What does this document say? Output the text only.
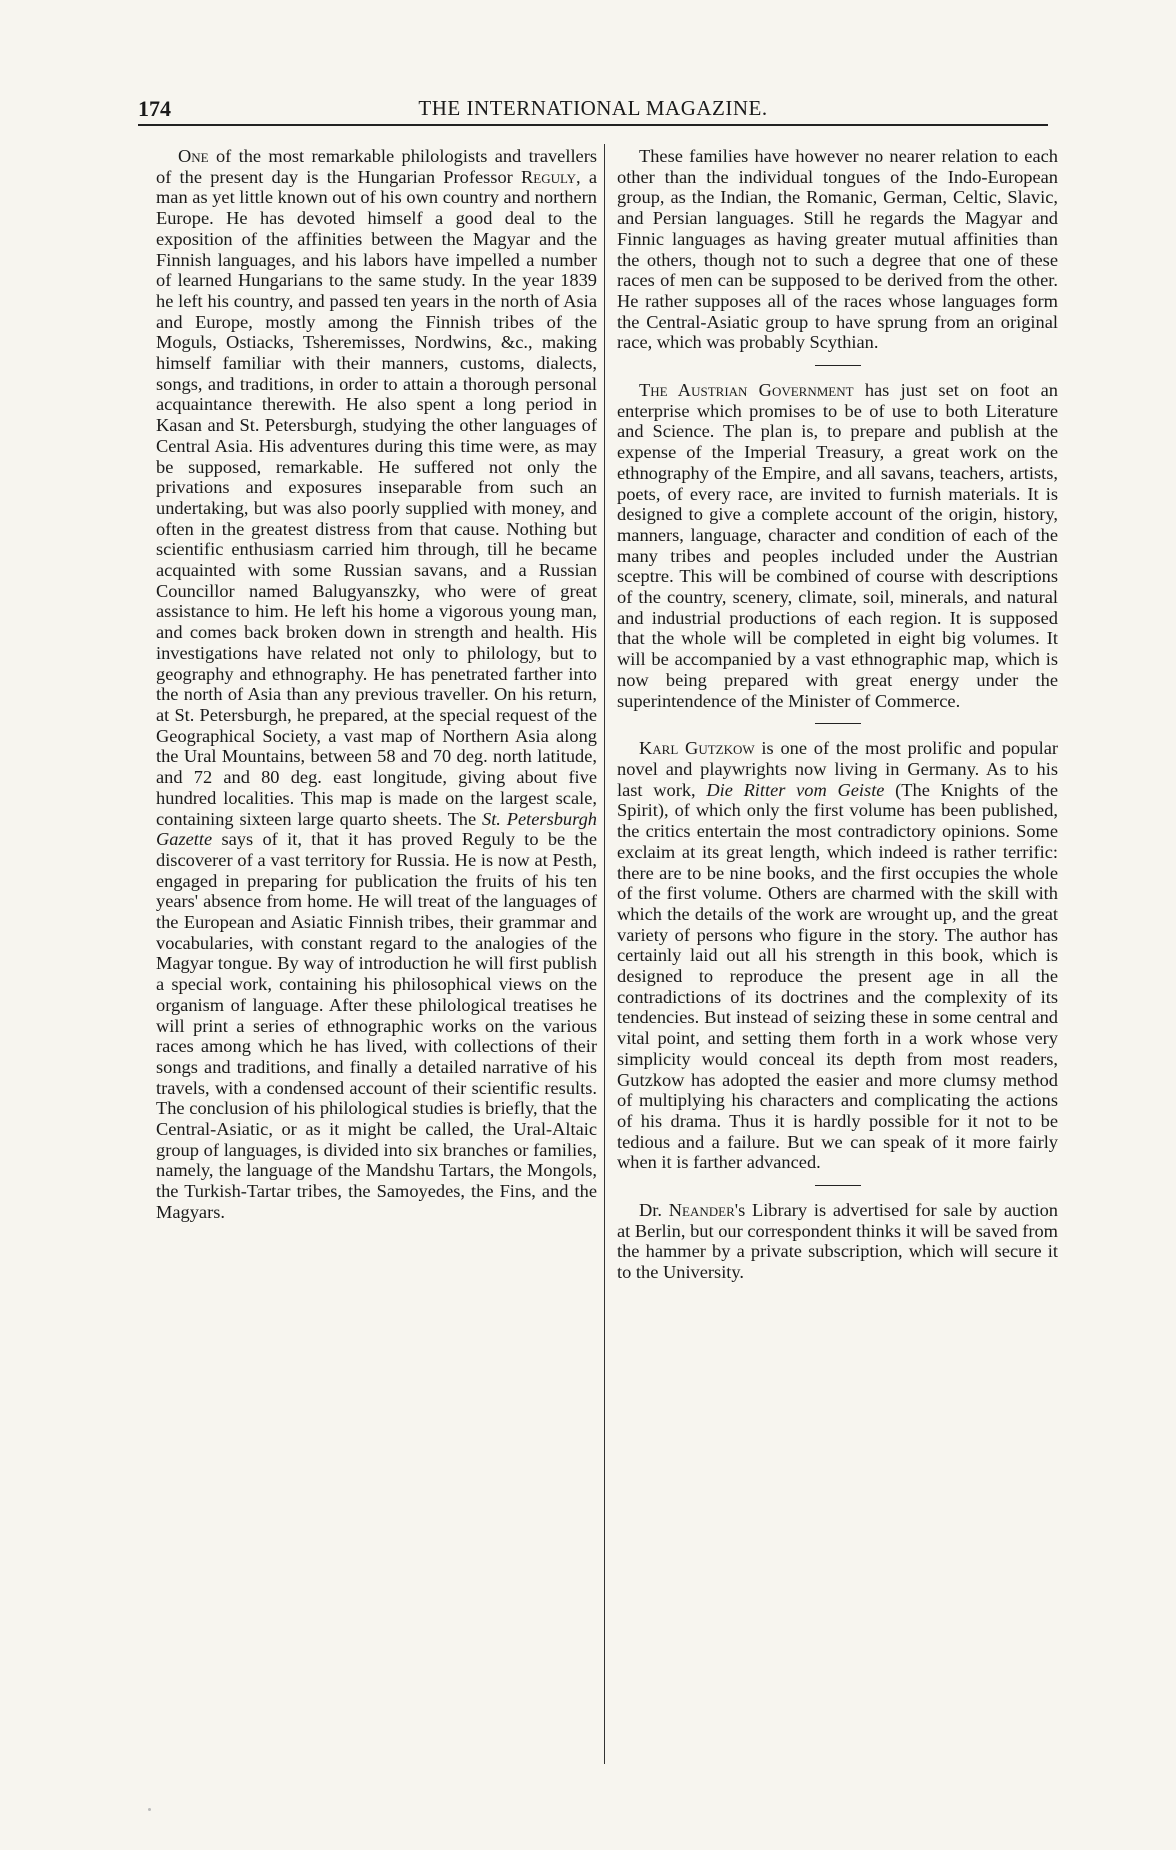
THE INTERNATIONAL MAGAZINE.
174

One of the most remarkable philologists and travellers of the present day is the Hungarian Professor Reguly, a man as yet little known out of his own country and northern Europe. He has devoted himself a good deal to the exposition of the affinities between the Magyar and the Finnish languages, and his labors have impelled a number of learned Hungarians to the same study. In the year 1839 he left his country, and passed ten years in the north of Asia and Europe, mostly among the Finnish tribes of the Moguls, Ostiacks, Tsheremisses, Nordwins, &c., making himself familiar with their manners, customs, dialects, songs, and traditions, in order to attain a thorough personal acquaintance therewith. He also spent a long period in Kasan and St. Petersburgh, studying the other languages of Central Asia. His adventures during this time were, as may be supposed, remarkable. He suffered not only the privations and exposures inseparable from such an undertaking, but was also poorly supplied with money, and often in the greatest distress from that cause. Nothing but scientific enthusiasm carried him through, till he became acquainted with some Russian savans, and a Russian Councillor named Balugyanszky, who were of great assistance to him. He left his home a vigorous young man, and comes back broken down in strength and health. His investigations have related not only to philology, but to geography and ethnography. He has penetrated farther into the north of Asia than any previous traveller. On his return, at St. Petersburgh, he prepared, at the special request of the Geographical Society, a vast map of Northern Asia along the Ural Mountains, between 58 and 70 deg. north latitude, and 72 and 80 deg. east longitude, giving about five hundred localities. This map is made on the largest scale, containing sixteen large quarto sheets. The St. Petersburgh Gazette says of it, that it has proved Reguly to be the discoverer of a vast territory for Russia. He is now at Pesth, engaged in preparing for publication the fruits of his ten years' absence from home. He will treat of the languages of the European and Asiatic Finnish tribes, their grammar and vocabularies, with constant regard to the analogies of the Magyar tongue. By way of introduction he will first publish a special work, containing his philosophical views on the organism of language. After these philological treatises he will print a series of ethnographic works on the various races among which he has lived, with collections of their songs and traditions, and finally a detailed narrative of his travels, with a condensed account of their scientific results. The conclusion of his philological studies is briefly, that the Central-Asiatic, or as it might be called, the Ural-Altaic group of languages, is divided into six branches or families, namely, the language of the Mandshu Tartars, the Mongols, the Turkish-Tartar tribes, the Samoyedes, the Fins, and the Magyars.

These families have however no nearer relation to each other than the individual tongues of the Indo-European group, as the Indian, the Romanic, German, Celtic, Slavic, and Persian languages. Still he regards the Magyar and Finnic languages as having greater mutual affinities than the others, though not to such a degree that one of these races of men can be supposed to be derived from the other. He rather supposes all of the races whose languages form the Central-Asiatic group to have sprung from an original race, which was probably Scythian.

The Austrian Government has just set on foot an enterprise which promises to be of use to both Literature and Science. The plan is, to prepare and publish at the expense of the Imperial Treasury, a great work on the ethnography of the Empire, and all savans, teachers, artists, poets, of every race, are invited to furnish materials. It is designed to give a complete account of the origin, history, manners, language, character and condition of each of the many tribes and peoples included under the Austrian sceptre. This will be combined of course with descriptions of the country, scenery, climate, soil, minerals, and natural and industrial productions of each region. It is supposed that the whole will be completed in eight big volumes. It will be accompanied by a vast ethnographic map, which is now being prepared with great energy under the superintendence of the Minister of Commerce.

Karl Gutzkow is one of the most prolific and popular novel and playwrights now living in Germany. As to his last work, Die Ritter vom Geiste (The Knights of the Spirit), of which only the first volume has been published, the critics entertain the most contradictory opinions. Some exclaim at its great length, which indeed is rather terrific: there are to be nine books, and the first occupies the whole of the first volume. Others are charmed with the skill with which the details of the work are wrought up, and the great variety of persons who figure in the story. The author has certainly laid out all his strength in this book, which is designed to reproduce the present age in all the contradictions of its doctrines and the complexity of its tendencies. But instead of seizing these in some central and vital point, and setting them forth in a work whose very simplicity would conceal its depth from most readers, Gutzkow has adopted the easier and more clumsy method of multiplying his characters and complicating the actions of his drama. Thus it is hardly possible for it not to be tedious and a failure. But we can speak of it more fairly when it is farther advanced.

Dr. Neander's Library is advertised for sale by auction at Berlin, but our correspondent thinks it will be saved from the hammer by a private subscription, which will secure it to the University.
